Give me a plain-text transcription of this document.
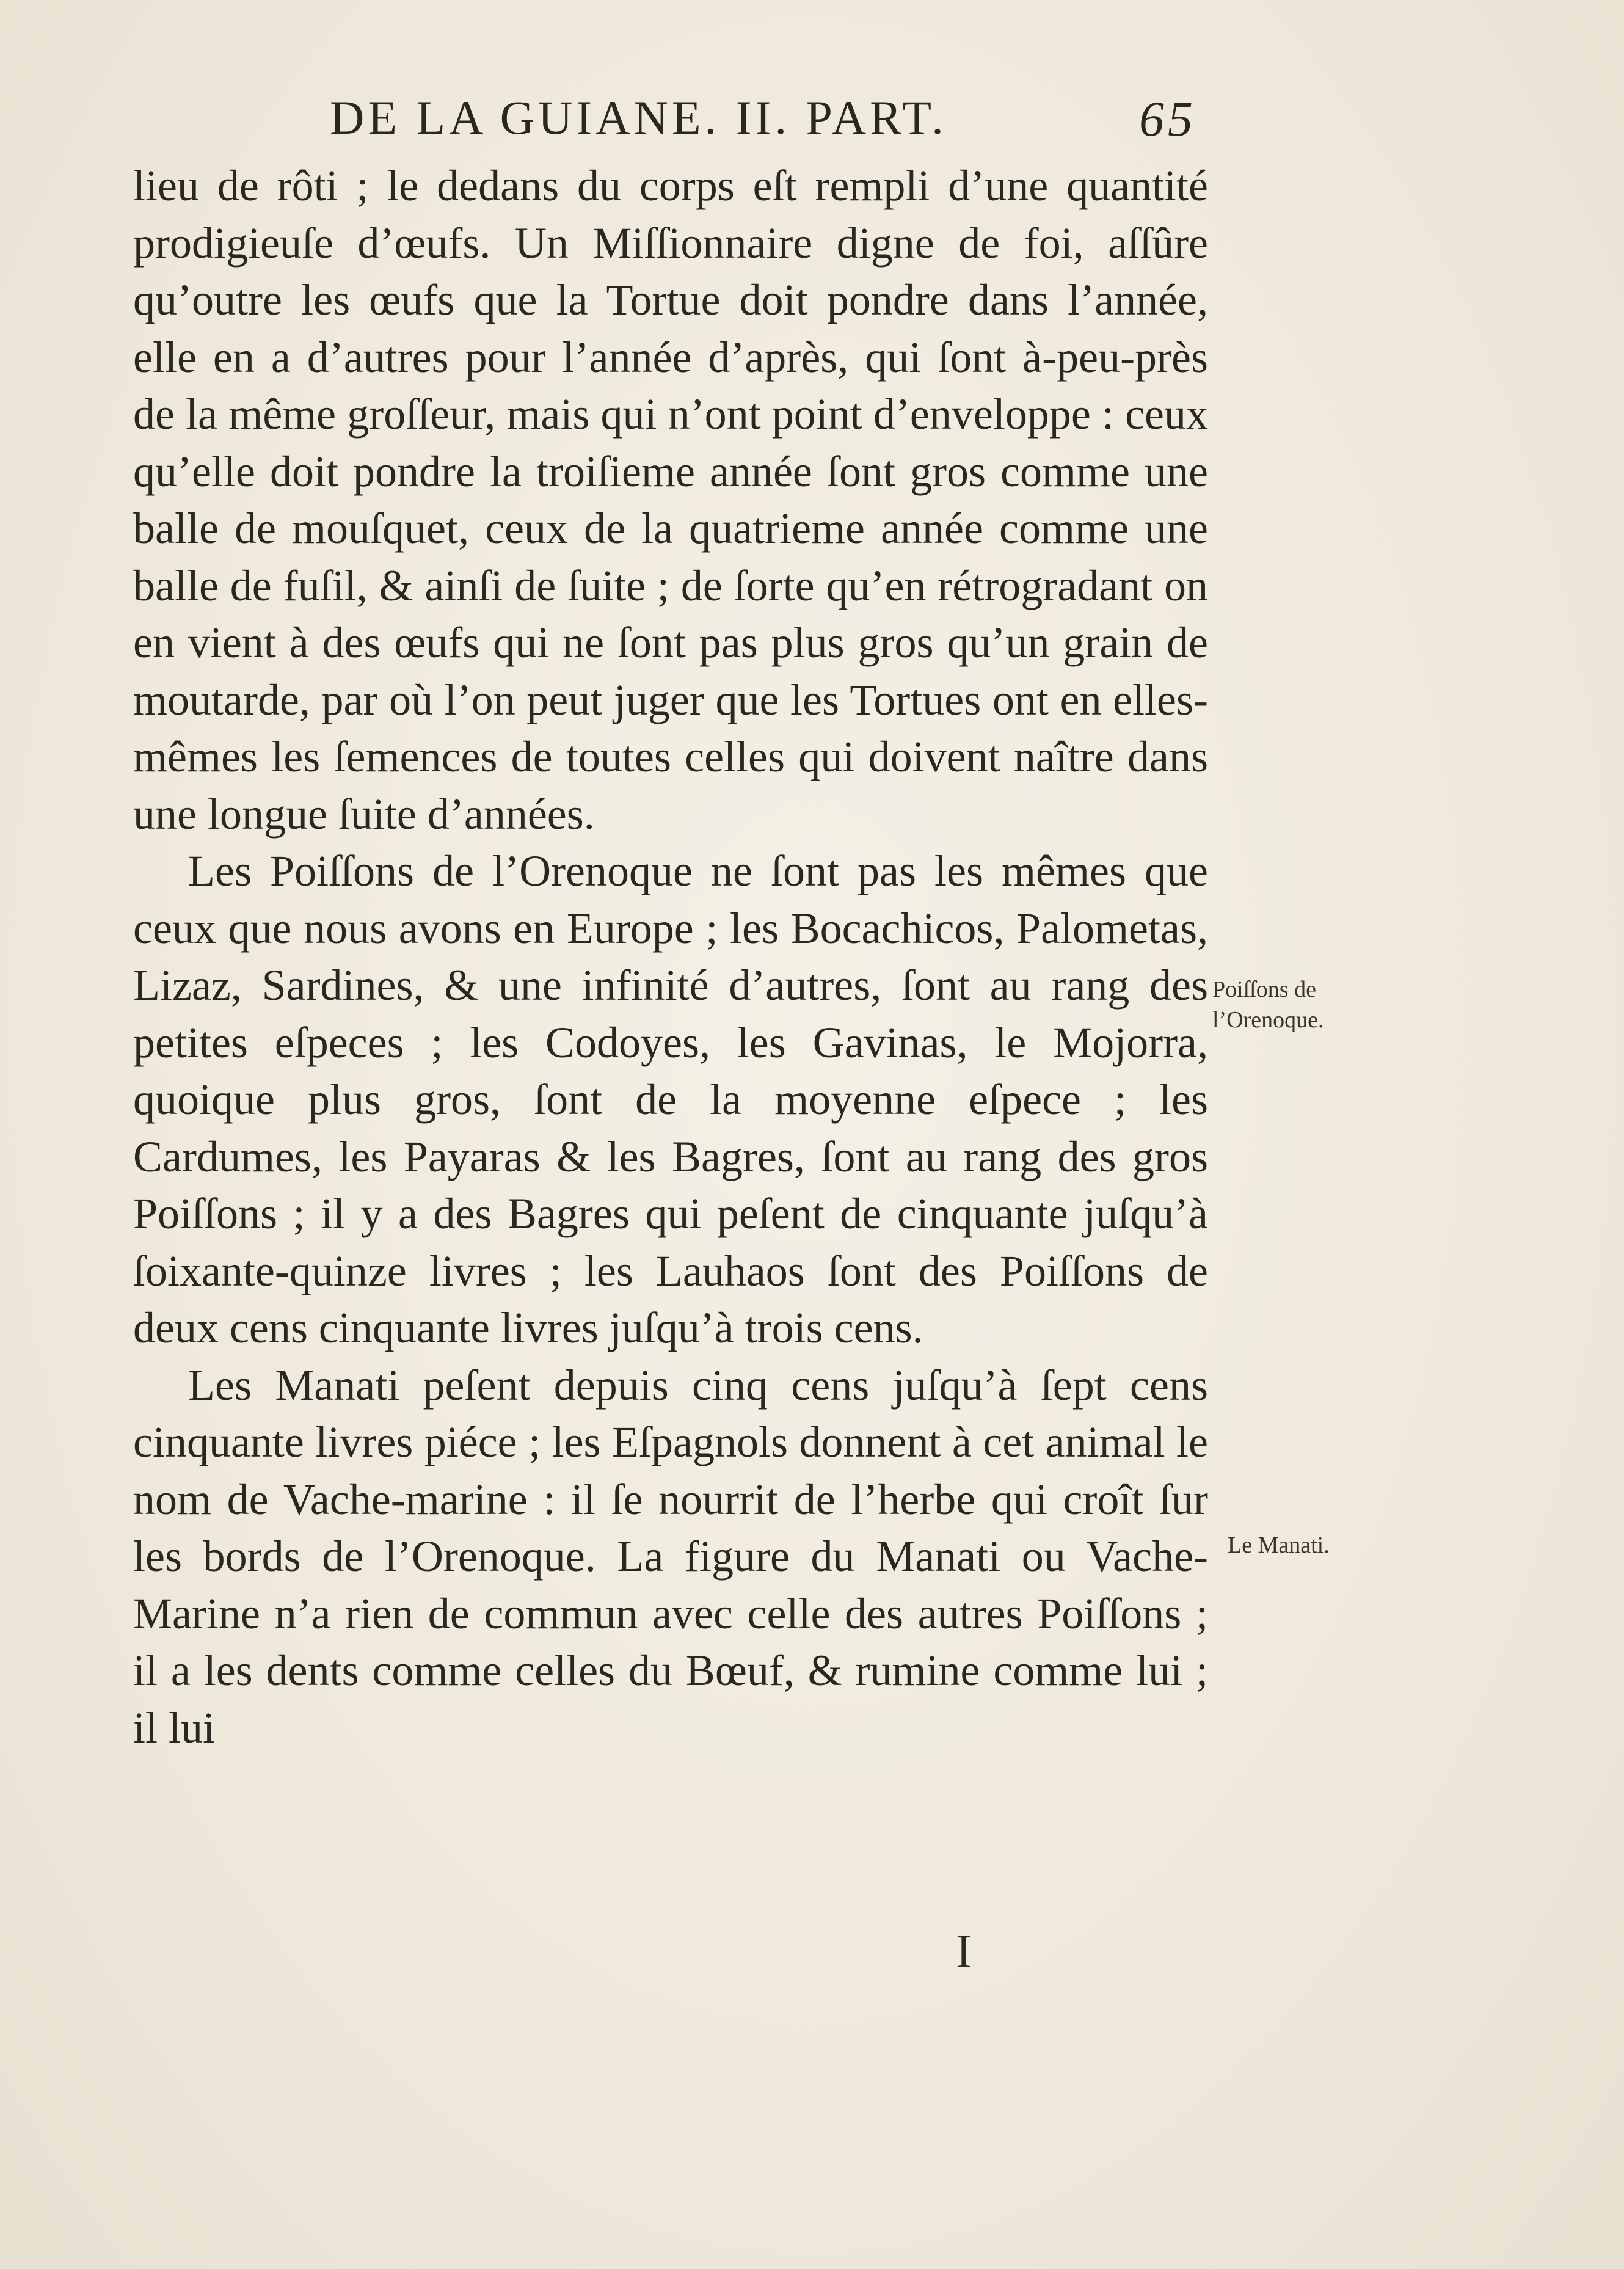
DE LA GUIANE. II. PART.	65

lieu de rôti ; le dedans du corps eſt rempli d’une quantité prodigieuſe d’œufs. Un Miſſionnaire digne de foi, aſſûre qu’outre les œufs que la Tortue doit pondre dans l’année, elle en a d’autres pour l’année d’après, qui ſont à-peu-près de la même groſſeur, mais qui n’ont point d’enveloppe : ceux qu’elle doit pondre la troiſieme année ſont gros comme une balle de mouſquet, ceux de la quatrieme année comme une balle de fuſil, & ainſi de ſuite ; de ſorte qu’en rétrogradant on en vient à des œufs qui ne ſont pas plus gros qu’un grain de moutarde, par où l’on peut juger que les Tortues ont en elles-mêmes les ſemences de toutes celles qui doivent naître dans une longue ſuite d’années.

Les Poiſſons de l’Orenoque ne ſont pas les mêmes que ceux que nous avons en Europe ; les Bocachicos, Palometas, Lizaz, Sardines, & une infinité d’autres, ſont au rang des petites eſpeces ; les Codoyes, les Gavinas, le Mojorra, quoique plus gros, ſont de la moyenne eſpece ; les Cardumes, les Payaras & les Bagres, ſont au rang des gros Poiſſons ; il y a des Bagres qui peſent de cinquante juſqu’à ſoixante-quinze livres ; les Lauhaos ſont des Poiſſons de deux cens cinquante livres juſqu’à trois cens.

Les Manati peſent depuis cinq cens juſqu’à ſept cens cinquante livres piéce ; les Eſpagnols donnent à cet animal le nom de Vache-marine : il ſe nourrit de l’herbe qui croît ſur les bords de l’Orenoque. La figure du Manati ou Vache-Marine n’a rien de commun avec celle des autres Poiſſons ; il a les dents comme celles du Bœuf, & rumine comme lui ; il lui

Poiſſons de l’Orenoque.
Le Manati.
I
